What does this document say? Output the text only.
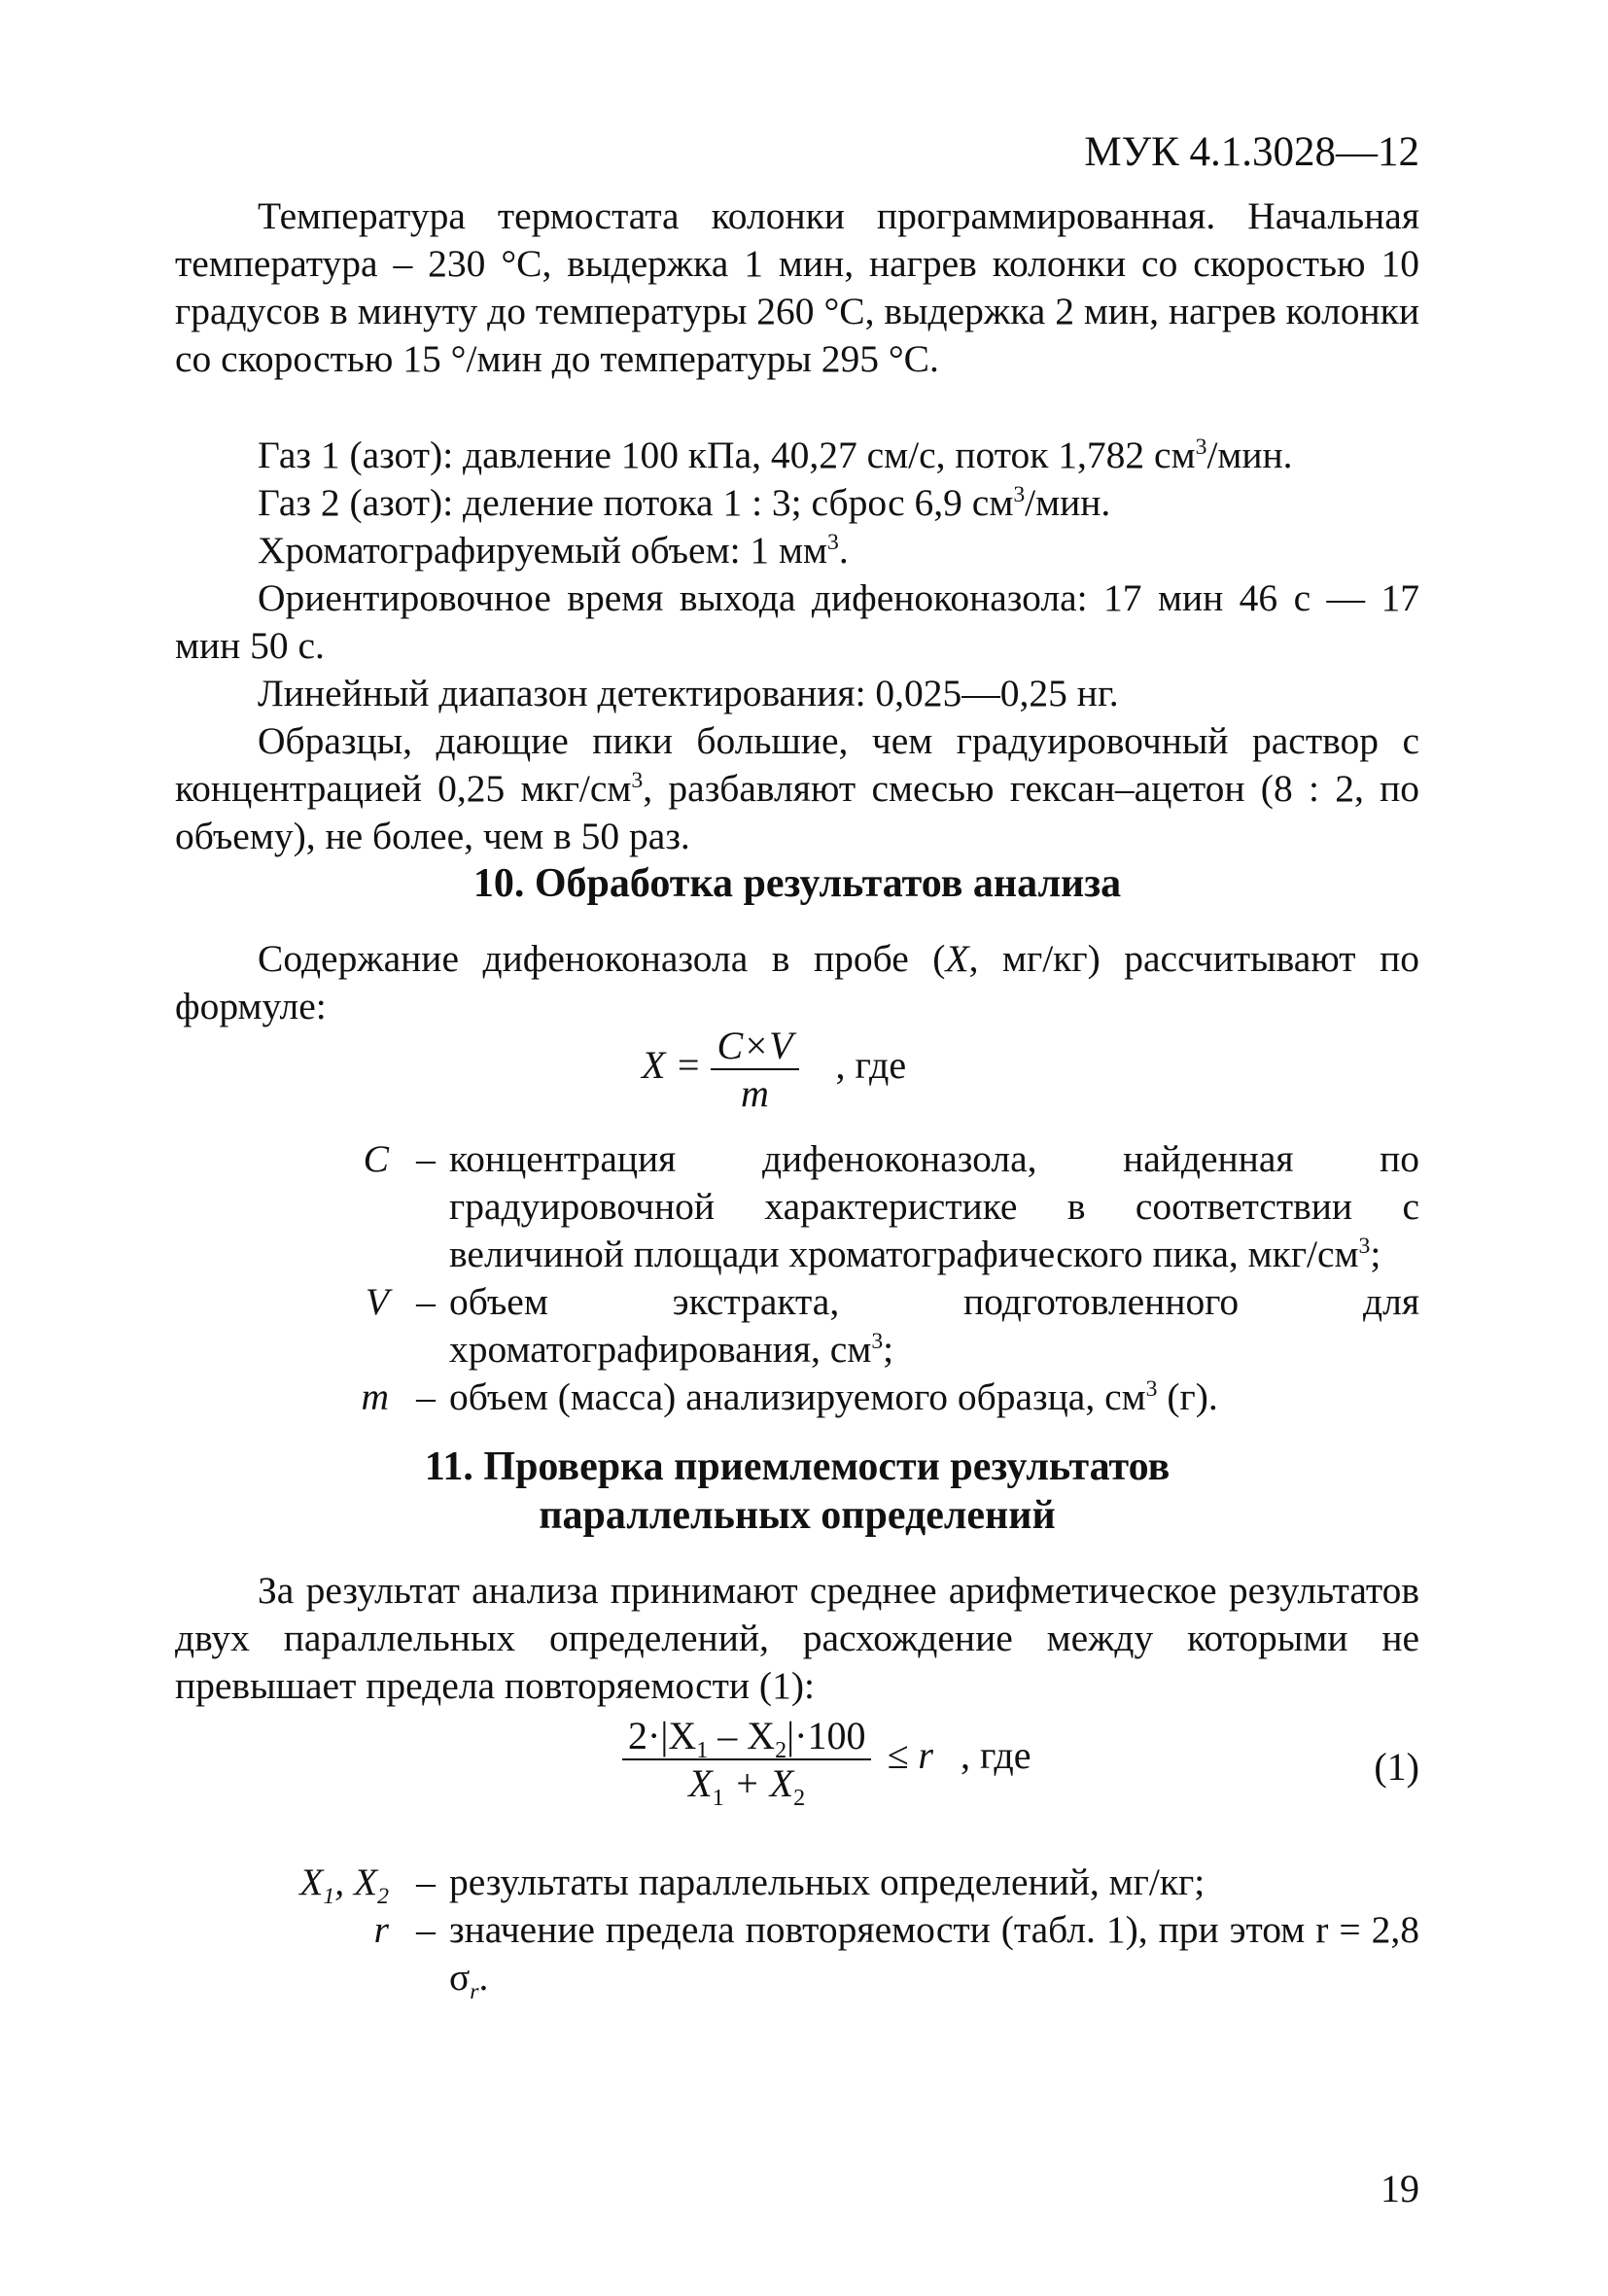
МУК 4.1.3028—12
Температура термостата колонки программированная. Начальная температура – 230 °С, выдержка 1 мин, нагрев колонки со скоростью 10 градусов в минуту до температуры 260 °С, выдержка 2 мин, нагрев колонки со скоростью 15 °/мин до температуры 295 °С.
Газ 1 (азот): давление 100 кПа, 40,27 см/с, поток 1,782 $см^3$/мин.
Газ 2 (азот): деление потока 1 : 3; сброс 6,9 $см^3$/мин.
Хроматографируемый объем: 1 $мм^3$.
Ориентировочное время выхода дифеноконазола: 17 мин 46 с — 17 мин 50 с.
Линейный диапазон детектирования: 0,025—0,25 нг.
Образцы, дающие пики большие, чем градуировочный раствор с концентрацией 0,25 мкг/$см^3$, разбавляют смесью гексан–ацетон (8 : 2, по объему), не более, чем в 50 раз.
10. Обработка результатов анализа
Содержание дифеноконазола в пробе (X, мг/кг) рассчитывают по формуле:
$X = \frac{C\times V}{m}$ , где
C – концентрация дифеноконазола, найденная по градуировочной характеристике в соответствии с величиной площади хроматографического пика, мкг/$см^3$;
V – объем экстракта, подготовленного для хроматографирования, $см^3$;
m – объем (масса) анализируемого образца, $см^3$ (г).
11. Проверка приемлемости результатов
параллельных определений
За результат анализа принимают среднее арифметическое результатов двух параллельных определений, расхождение между которыми не превышает предела повторяемости (1):
$\frac{2\cdot|X_1 - X_2|\cdot 100}{X_1 + X_2} \le r$ , где	(1)
$X_1$, $X_2$ – результаты параллельных определений, мг/кг;
r – значение предела повторяемости (табл. 1), при этом r = 2,8 $\sigma_r$.
19
